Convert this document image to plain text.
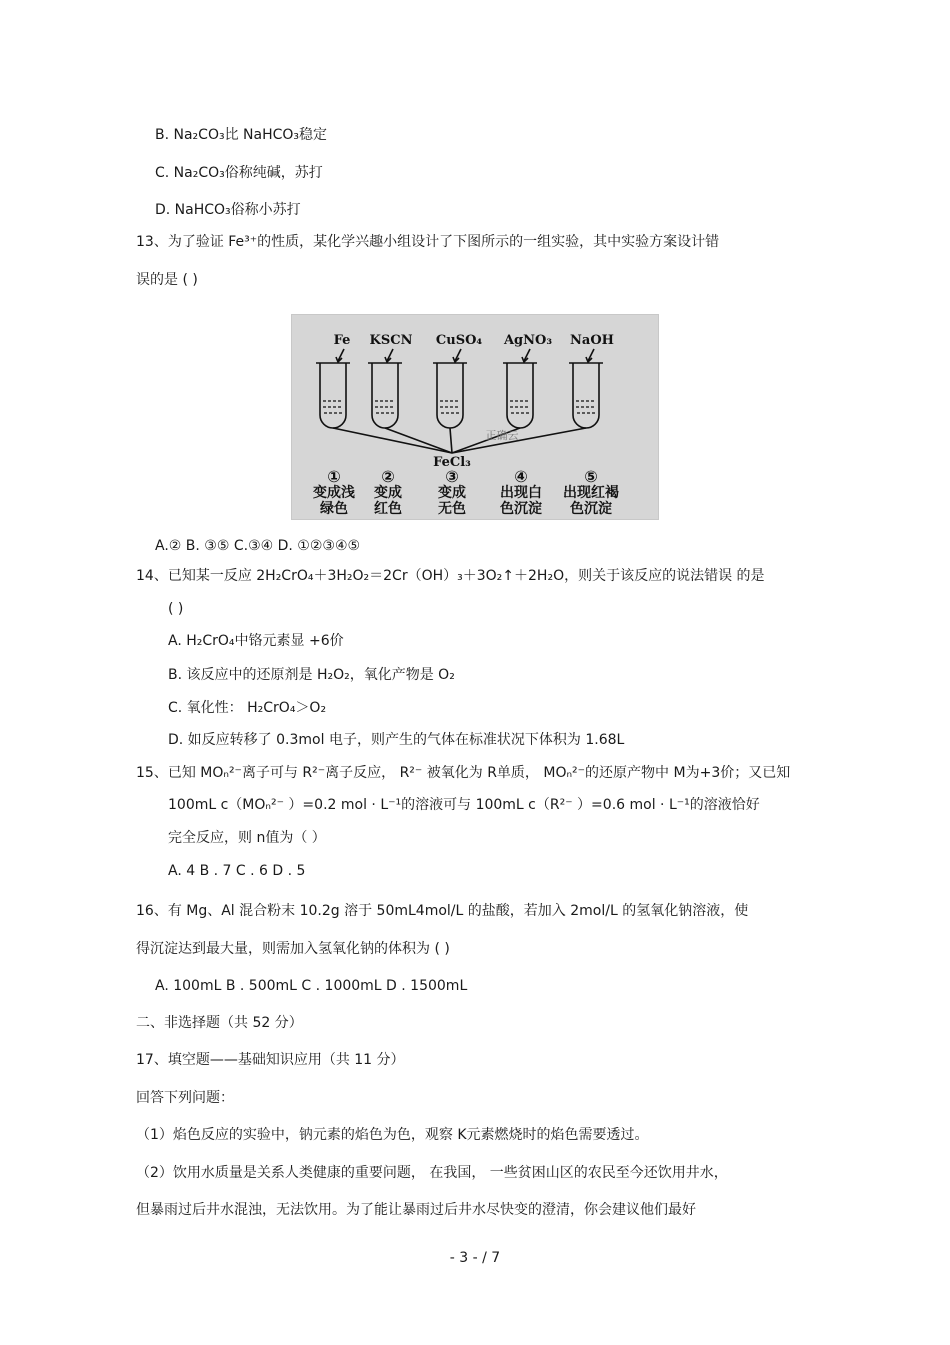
B. Na₂CO₃比 NaHCO₃稳定
C. Na₂CO₃俗称纯碱，苏打
D. NaHCO₃俗称小苏打
13、为了验证 Fe³⁺的性质，某化学兴趣小组设计了下图所示的一组实验，其中实验方案设计错
误的是 ( )
Fe KSCN CuSO₄ AgNO₃ NaOH
正确云
FeCl₃
①	②	③	④	⑤
变成浅 变成	变成 出现白 出现红褐
绿色 红色	无色 色沉淀 色沉淀
A.② B. ③⑤ C.③④ D. ①②③④⑤
14、已知某一反应 2H₂CrO₄＋3H₂O₂＝2Cr（OH）₃＋3O₂↑＋2H₂O，则关于该反应的说法错误 的是
( )
A. H₂CrO₄中铬元素显 +6价
B. 该反应中的还原剂是 H₂O₂，氧化产物是 O₂
C. 氧化性： H₂CrO₄＞O₂
D. 如反应转移了 0.3mol 电子，则产生的气体在标准状况下体积为 1.68L
15、已知 MOₙ²⁻离子可与 R²⁻离子反应， R²⁻ 被氧化为 R单质， MOₙ²⁻的还原产物中 M为+3价；又已知
100mL c（MOₙ²⁻ ）=0.2 mol · L⁻¹的溶液可与 100mL c（R²⁻ ）=0.6 mol · L⁻¹的溶液恰好
完全反应，则 n值为（ ）
A. 4 B . 7 C . 6 D . 5
16、有 Mg、Al 混合粉末 10.2g 溶于 50mL4mol/L 的盐酸，若加入 2mol/L 的氢氧化钠溶液，使
得沉淀达到最大量，则需加入氢氧化钠的体积为 ( )
A. 100mL B . 500mL C . 1000mL D . 1500mL
二、非选择题（共 52 分）
17、填空题——基础知识应用（共 11 分）
回答下列问题：
（1）焰色反应的实验中，钠元素的焰色为色，观察 K元素燃烧时的焰色需要透过。
（2）饮用水质量是关系人类健康的重要问题， 在我国， 一些贫困山区的农民至今还饮用井水，
但暴雨过后井水混浊，无法饮用。为了能让暴雨过后井水尽快变的澄清，你会建议他们最好
- 3 - / 7
